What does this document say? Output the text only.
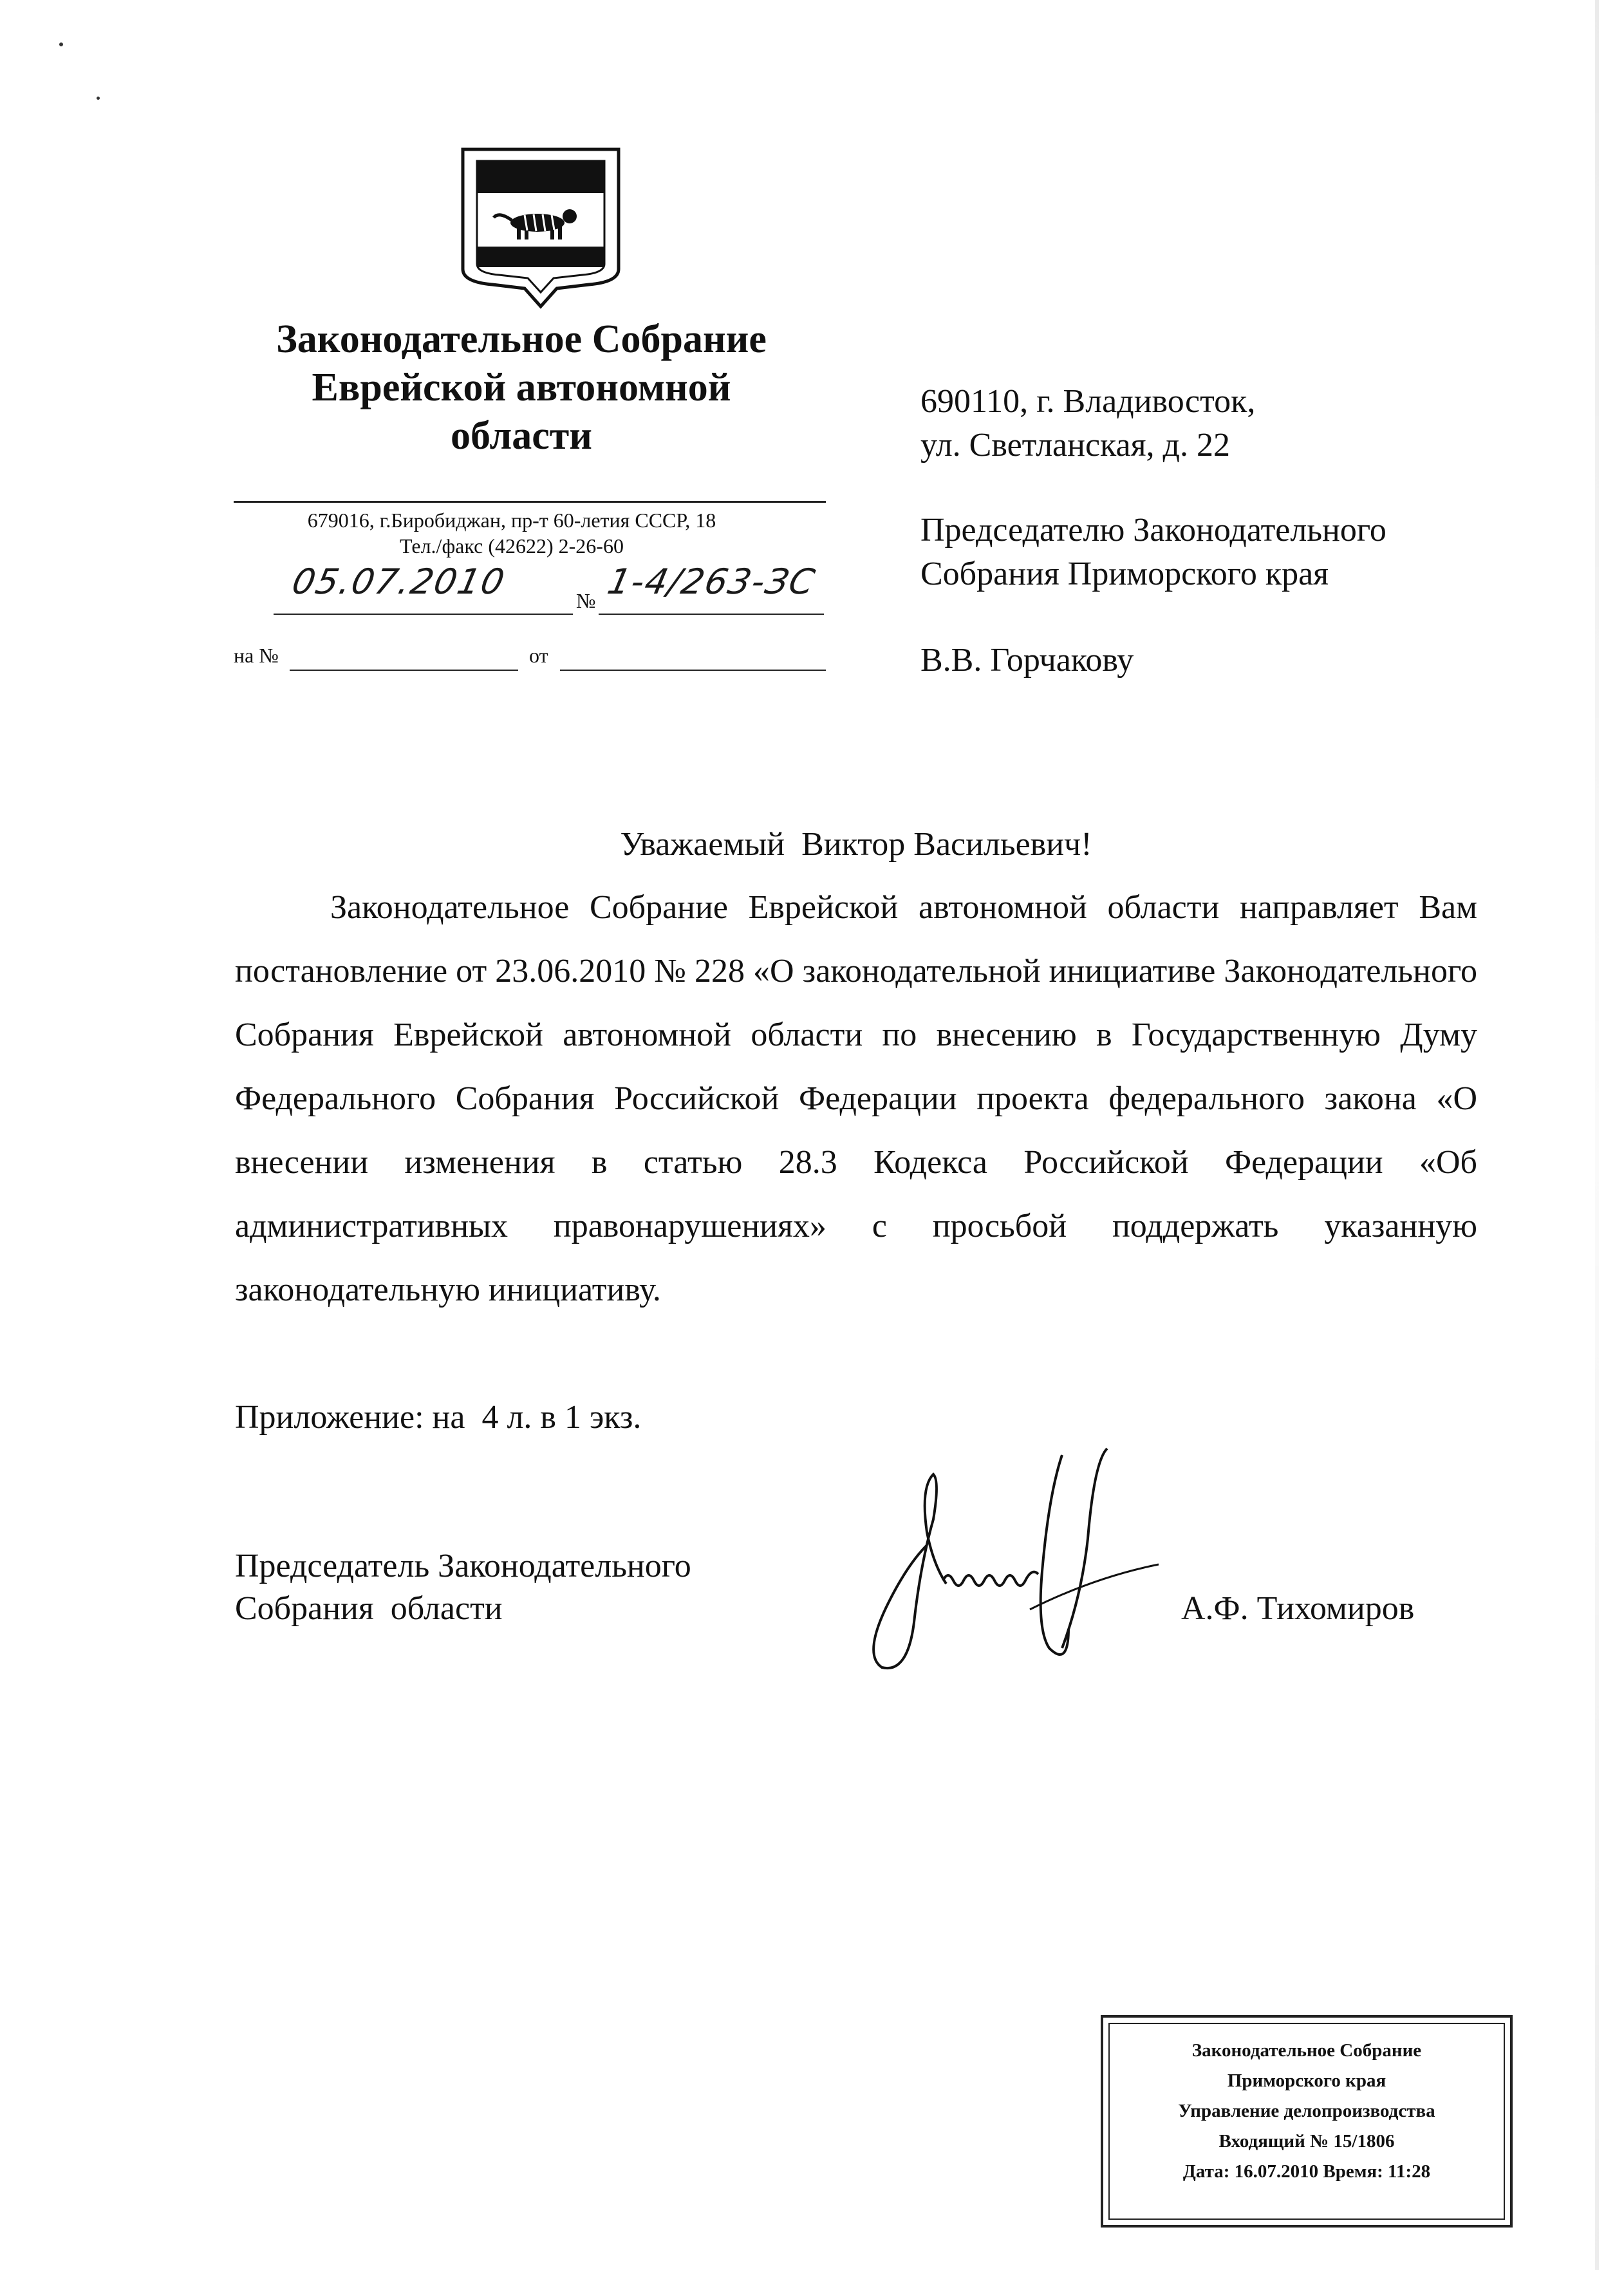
Законодательное Собрание
Еврейской автономной
области
679016, г.Биробиджан, пр-т 60-летия СССР, 18
Тел./факс (42622) 2-26-60
05.07.2010	№ 1-4/263-ЗС
на №	от
690110, г. Владивосток,
ул. Светланская, д. 22
Председателю Законодательного
Собрания Приморского края
В.В. Горчакову
Уважаемый  Виктор Васильевич!
Законодательное Собрание Еврейской автономной области направляет Вам постановление от 23.06.2010 № 228 «О законодательной инициативе Законодательного Собрания Еврейской автономной области по внесению в Государственную Думу Федерального Собрания Российской Федерации проекта федерального закона «О внесении изменения в статью 28.3 Кодекса Российской Федерации «Об административных правонарушениях» с просьбой поддержать указанную законодательную инициативу.
Приложение: на  4 л. в 1 экз.
Председатель Законодательного
Собрания  области	А.Ф. Тихомиров
Законодательное Собрание
Приморского края
Управление делопроизводства
Входящий № 15/1806
Дата: 16.07.2010 Время: 11:28
